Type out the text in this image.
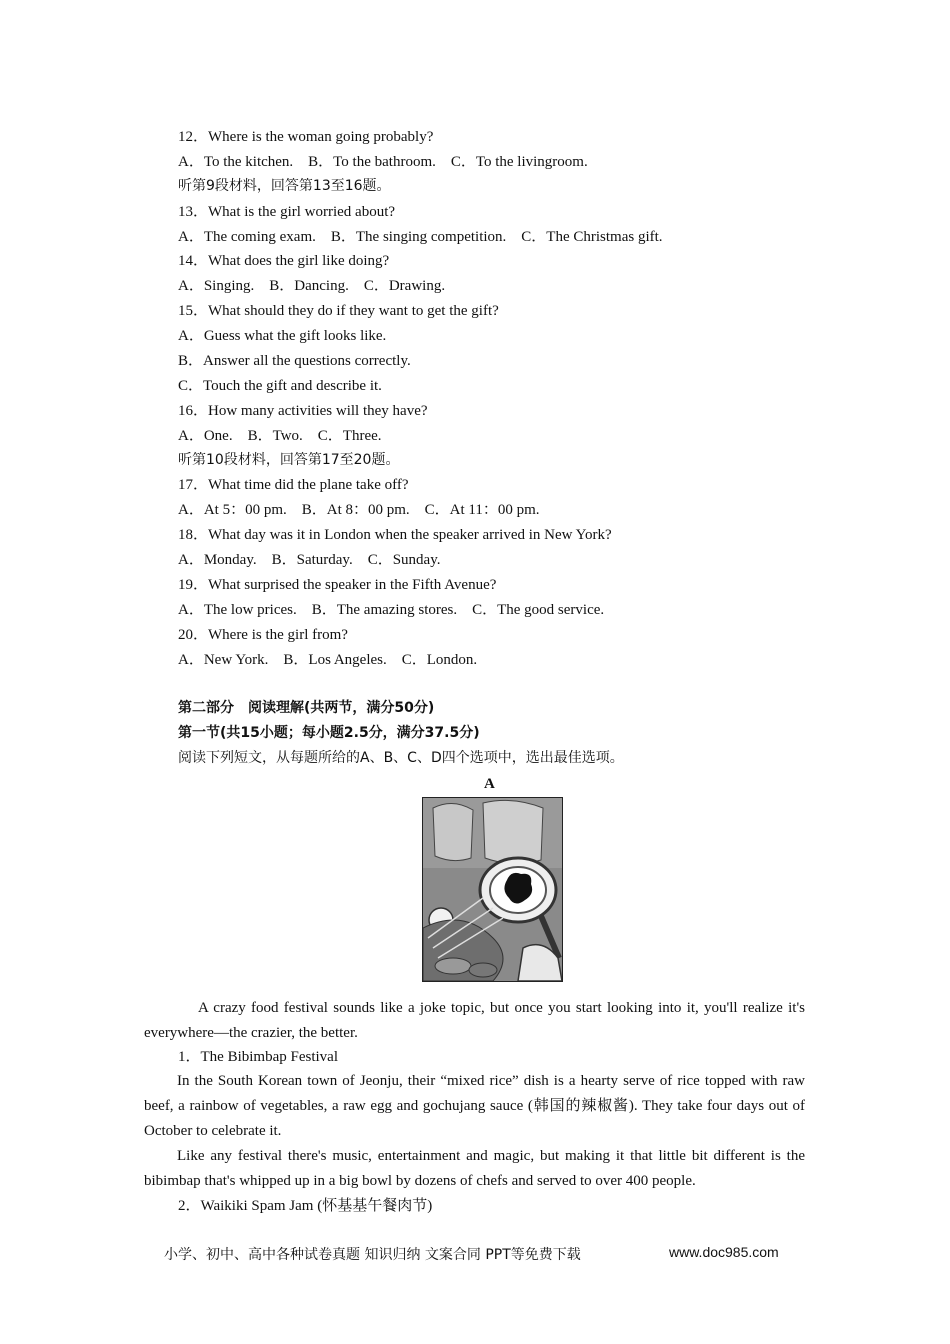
12．Where is the woman going probably?
A．To the kitchen.　B．To the bathroom.　C．To the livingroom.
听第9段材料，回答第13至16题。
13．What is the girl worried about?
A．The coming exam.　B．The singing competition.　C．The Christmas gift.
14．What does the girl like doing?
A．Singing.　B．Dancing.　C．Drawing.
15．What should they do if they want to get the gift?
A．Guess what the gift looks like.
B．Answer all the questions correctly.
C．Touch the gift and describe it.
16．How many activities will they have?
A．One.　B．Two.　C．Three.
听第10段材料，回答第17至20题。
17．What time did the plane take off?
A．At 5：00 pm.　B．At 8：00 pm.　C．At 11：00 pm.
18．What day was it in London when the speaker arrived in New York?
A．Monday.　B．Saturday.　C．Sunday.
19．What surprised the speaker in the Fifth Avenue?
A．The low prices.　B．The amazing stores.　C．The good service.
20．Where is the girl from?
A．New York.　B．Los Angeles.　C．London.
第二部分　阅读理解(共两节，满分50分)
第一节(共15小题；每小题2.5分，满分37.5分)
阅读下列短文，从每题所给的A、B、C、D四个选项中，选出最佳选项。
A
A crazy food festival sounds like a joke topic, but once you start looking into it, you'll realize it's everywhere—the crazier, the better.
1．The Bibimbap Festival
In the South Korean town of Jeonju, their “mixed rice” dish is a hearty serve of rice topped with raw beef, a rainbow of vegetables, a raw egg and gochujang sauce (韩国的辣椒酱). They take four days out of October to celebrate it.
Like any festival there's music, entertainment and magic, but making it that little bit different is the bibimbap that's whipped up in a big bowl by dozens of chefs and served to over 400 people.
2．Waikiki Spam Jam (怀基基午餐肉节)
小学、初中、高中各种试卷真题 知识归纳 文案合同 PPT等免费下载	www.doc985.com
